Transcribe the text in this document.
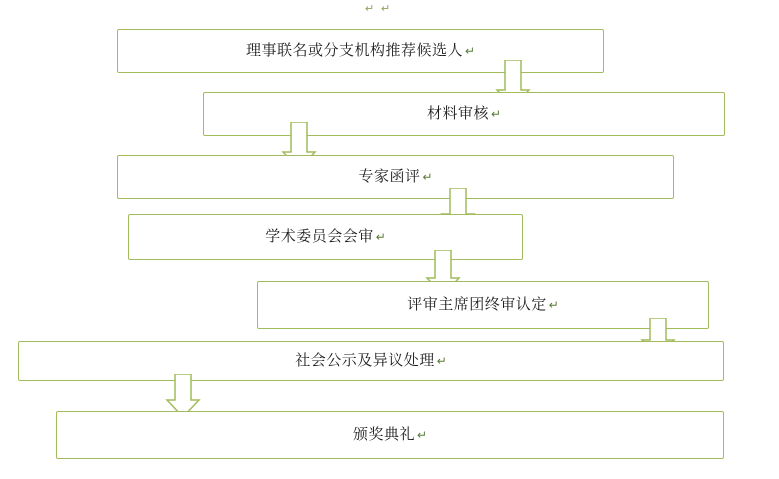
↵ ↵
理事联名或分支机构推荐候选人 ↵
材料审核 ↵
专家函评 ↵
学术委员会会审 ↵
评审主席团终审认定 ↵
社会公示及异议处理 ↵
颁奖典礼 ↵
